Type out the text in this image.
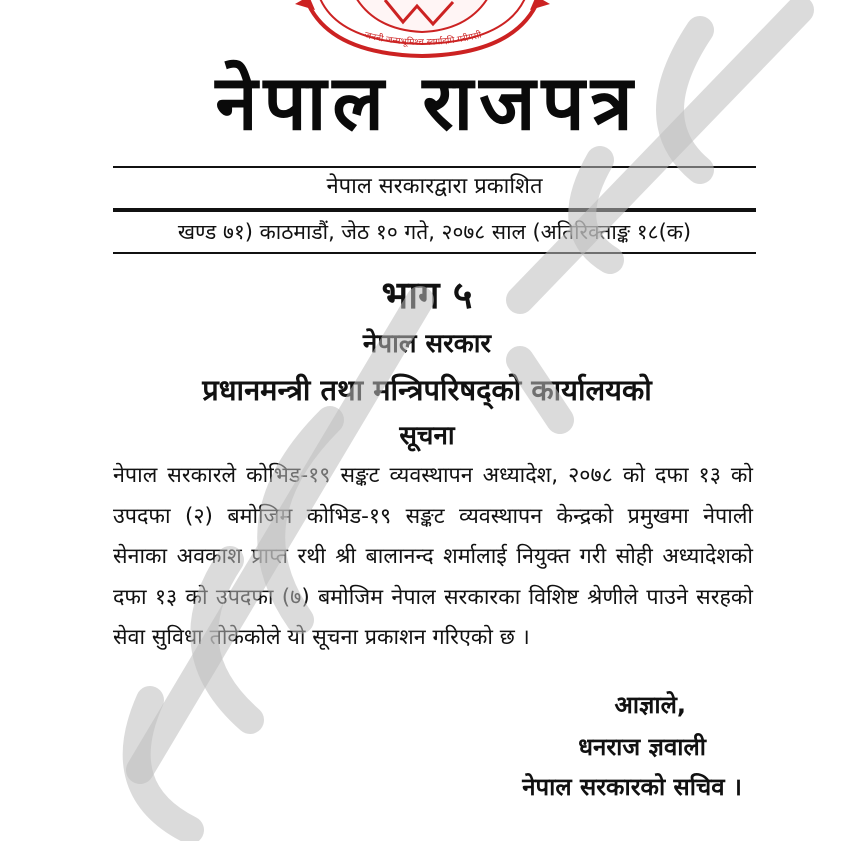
जननी जन्मभूमिश्च स्वर्गादपि गरीयसी
नेपाल राजपत्र
नेपाल सरकारद्वारा प्रकाशित
खण्ड ७१) काठमाडौं, जेठ १० गते, २०७८ साल (अतिरिक्ताङ्क १८(क)
भाग ५
नेपाल सरकार
प्रधानमन्त्री तथा मन्त्रिपरिषद्को कार्यालयको
सूचना
नेपाल सरकारले कोभिड-१९ सङ्कट व्यवस्थापन अध्यादेश, २०७८ को दफा १३ को उपदफा (२) बमोजिम कोभिड-१९ सङ्कट व्यवस्थापन केन्द्रको प्रमुखमा नेपाली सेनाका अवकाश प्राप्त रथी श्री बालानन्द शर्मालाई नियुक्त गरी सोही अध्यादेशको दफा १३ को उपदफा (७) बमोजिम नेपाल सरकारका विशिष्ट श्रेणीले पाउने सरहको सेवा सुविधा तोकेकोले यो सूचना प्रकाशन गरिएको छ ।
आज्ञाले,
धनराज ज्ञवाली
नेपाल सरकारको सचिव ।
